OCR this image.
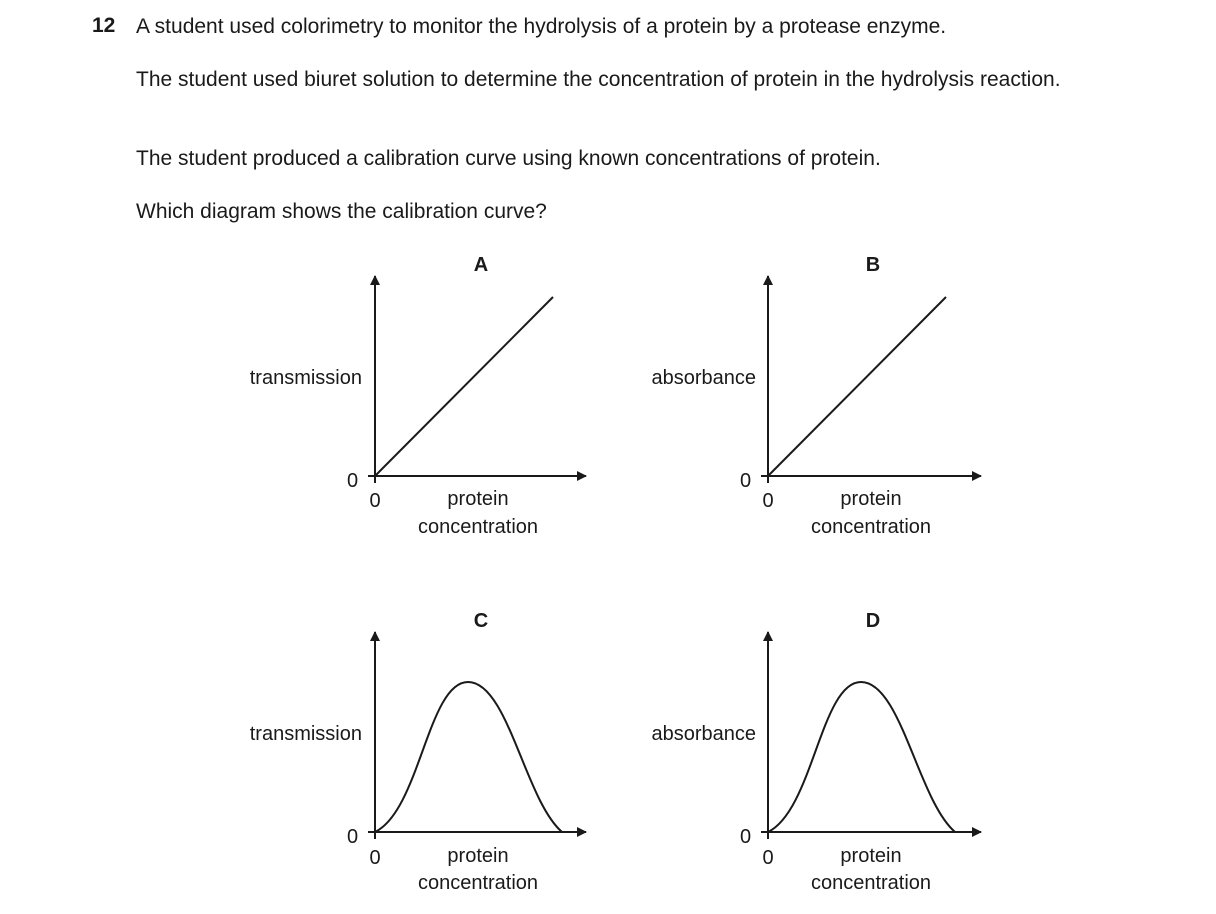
12 A student used colorimetry to monitor the hydrolysis of a protein by a protease enzyme.
The student used biuret solution to determine the concentration of protein in the hydrolysis reaction.
The student produced a calibration curve using known concentrations of protein.
Which diagram shows the calibration curve?
A
transmission
0
0	protein
concentration
B
absorbance
0
0	protein
concentration
C
transmission
0
0	protein
concentration
D
absorbance
0
0	protein
concentration
